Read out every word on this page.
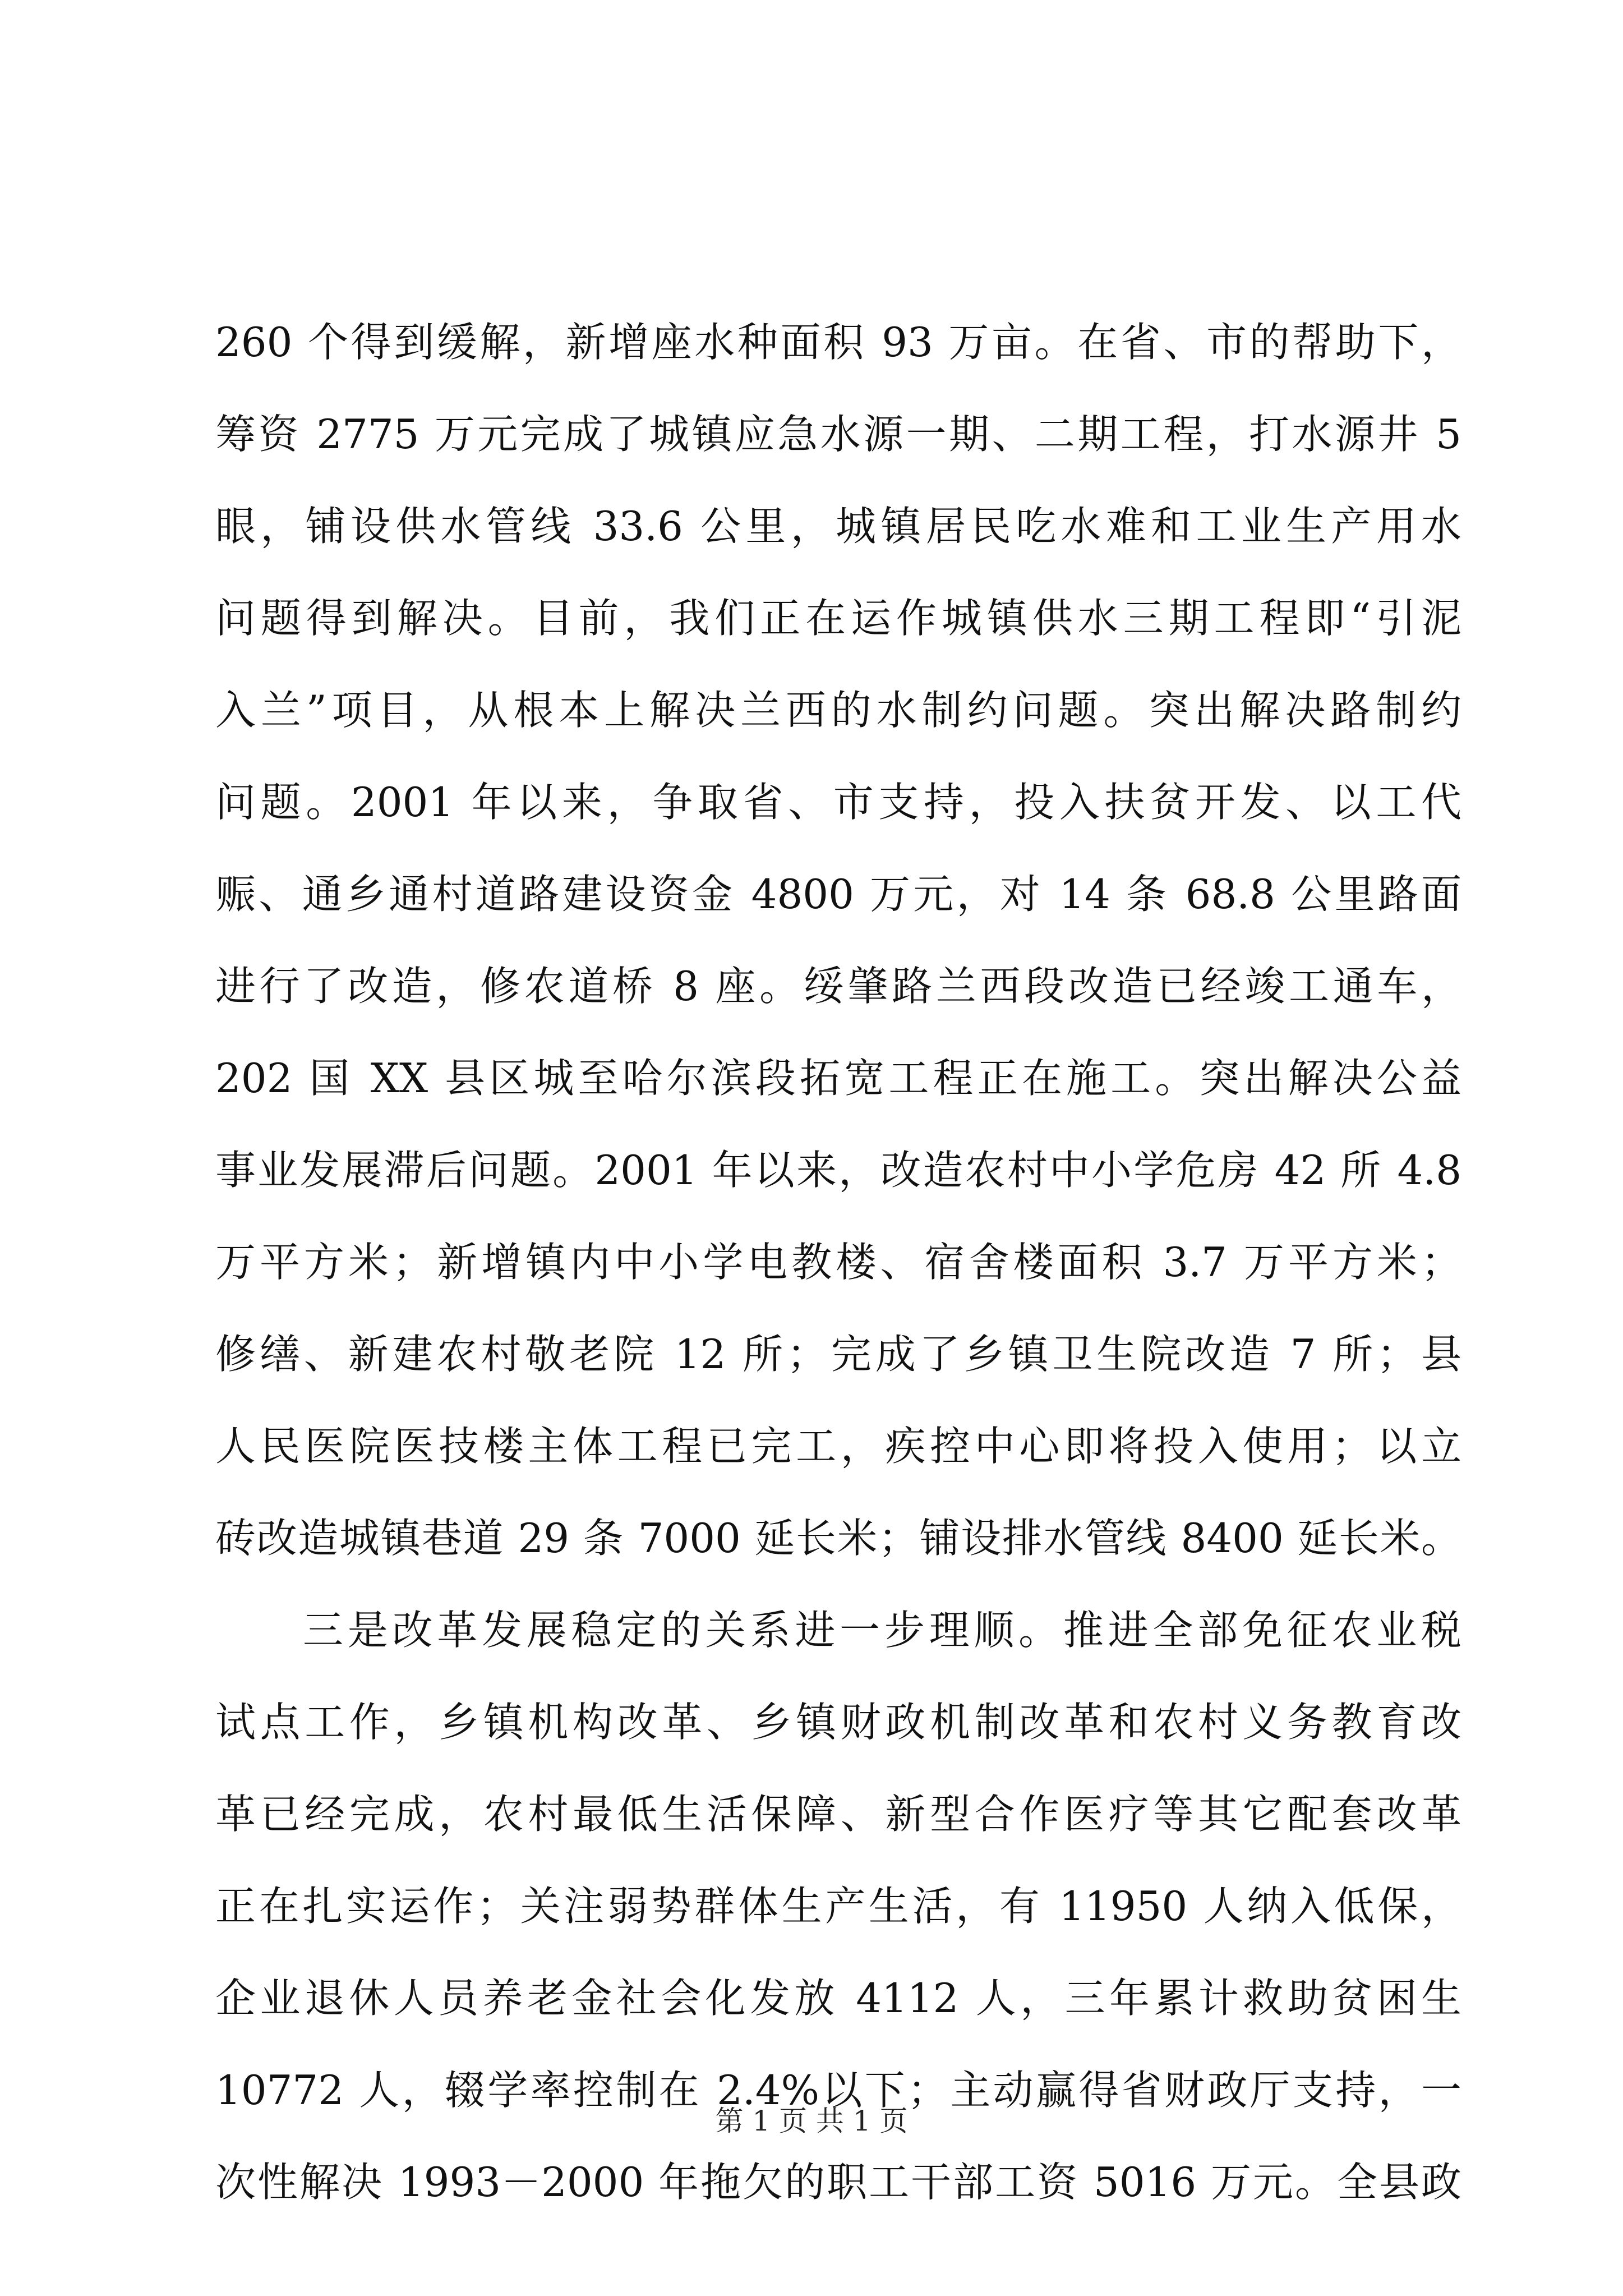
260 个得到缓解，新增座水种面积 93 万亩。在省、市的帮助下，
筹资 2775 万元完成了城镇应急水源一期、二期工程，打水源井 5
眼，铺设供水管线 33.6 公里，城镇居民吃水难和工业生产用水
问题得到解决。目前，我们正在运作城镇供水三期工程即“引泥
入兰”项目，从根本上解决兰西的水制约问题。突出解决路制约
问题。2001 年以来，争取省、市支持，投入扶贫开发、以工代
赈、通乡通村道路建设资金 4800 万元，对 14 条 68.8 公里路面
进行了改造，修农道桥 8 座。绥肇路兰西段改造已经竣工通车，
202 国 XX 县区城至哈尔滨段拓宽工程正在施工。突出解决公益
事业发展滞后问题。2001 年以来，改造农村中小学危房 42 所 4.8
万平方米；新增镇内中小学电教楼、宿舍楼面积 3.7 万平方米；
修缮、新建农村敬老院 12 所；完成了乡镇卫生院改造 7 所；县
人民医院医技楼主体工程已完工，疾控中心即将投入使用；以立
砖改造城镇巷道 29 条 7000 延长米；铺设排水管线 8400 延长米。
三是改革发展稳定的关系进一步理顺。推进全部免征农业税
试点工作，乡镇机构改革、乡镇财政机制改革和农村义务教育改
革已经完成，农村最低生活保障、新型合作医疗等其它配套改革
正在扎实运作；关注弱势群体生产生活，有 11950 人纳入低保，
企业退休人员养老金社会化发放 4112 人，三年累计救助贫困生
10772 人，辍学率控制在 2.4%以下；主动赢得省财政厅支持，一
次性解决 1993－2000 年拖欠的职工干部工资 5016 万元。全县政
第 1 页 共 1 页
